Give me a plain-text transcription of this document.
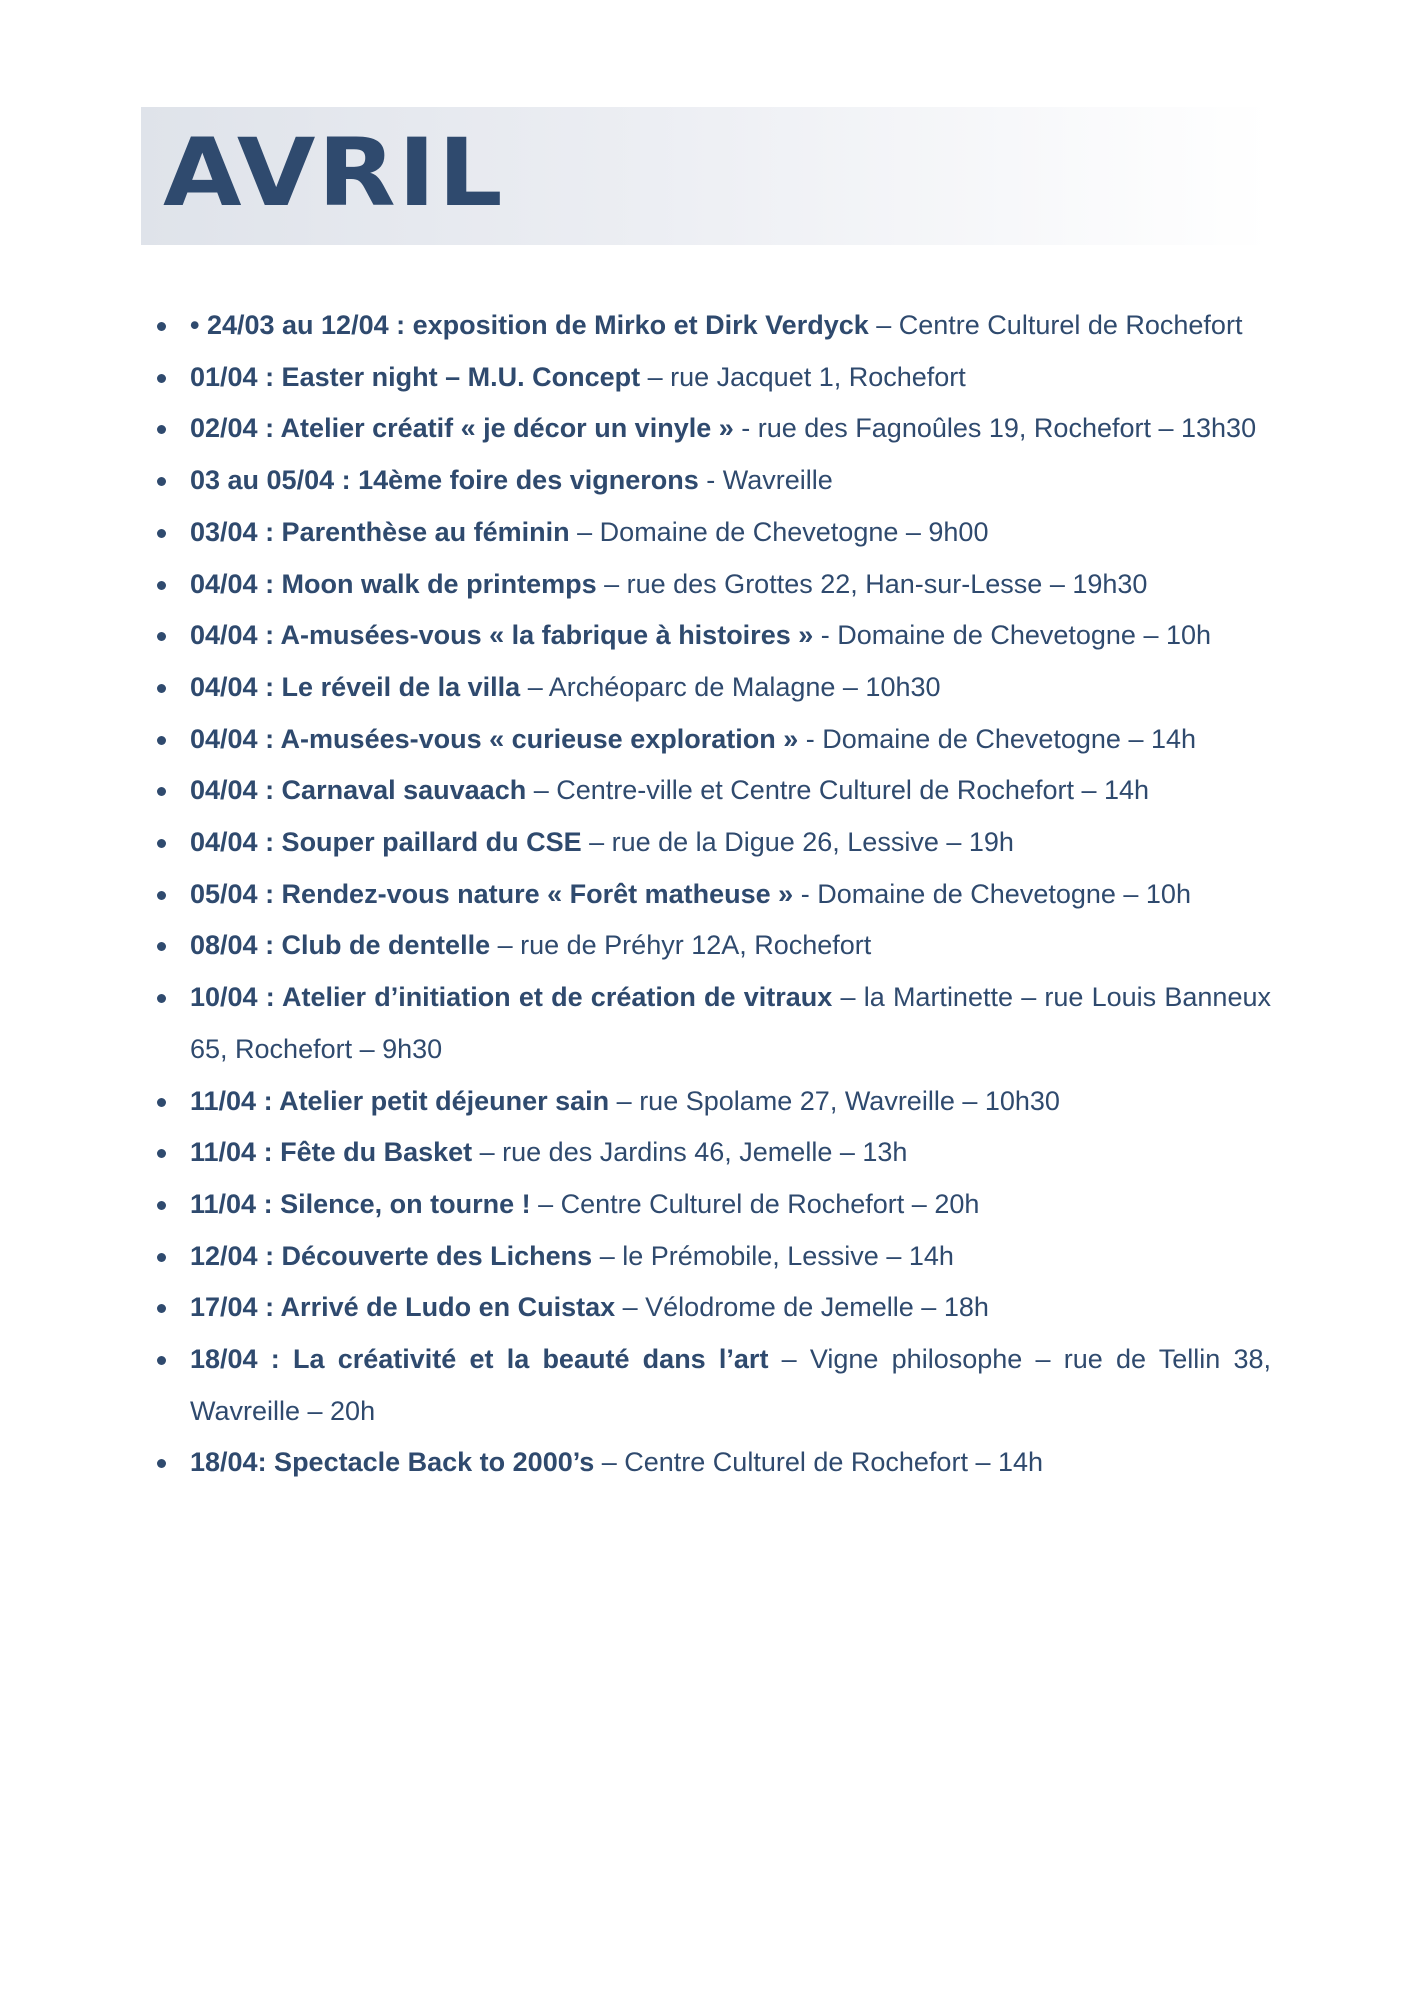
AVRIL
• 24/03 au 12/04 : exposition de Mirko et Dirk Verdyck – Centre Culturel de Rochefort
01/04 : Easter night – M.U. Concept – rue Jacquet 1, Rochefort
02/04 : Atelier créatif « je décor un vinyle » - rue des Fagnoûles 19, Rochefort – 13h30
03 au 05/04 : 14ème foire des vignerons - Wavreille
03/04 : Parenthèse au féminin – Domaine de Chevetogne – 9h00
04/04 : Moon walk de printemps – rue des Grottes 22, Han-sur-Lesse – 19h30
04/04 : A-musées-vous « la fabrique à histoires » - Domaine de Chevetogne – 10h
04/04 : Le réveil de la villa – Archéoparc de Malagne – 10h30
04/04 : A-musées-vous « curieuse exploration » - Domaine de Chevetogne – 14h
04/04 : Carnaval sauvaach – Centre-ville et Centre Culturel de Rochefort – 14h
04/04 : Souper paillard du CSE – rue de la Digue 26, Lessive – 19h
05/04 : Rendez-vous nature « Forêt matheuse » - Domaine de Chevetogne – 10h
08/04 : Club de dentelle – rue de Préhyr 12A, Rochefort
10/04 : Atelier d’initiation et de création de vitraux – la Martinette – rue Louis Banneux 65, Rochefort – 9h30
11/04 : Atelier petit déjeuner sain – rue Spolame 27, Wavreille – 10h30
11/04 : Fête du Basket – rue des Jardins 46, Jemelle – 13h
11/04 : Silence, on tourne ! – Centre Culturel de Rochefort – 20h
12/04 : Découverte des Lichens – le Prémobile, Lessive – 14h
17/04 : Arrivé de Ludo en Cuistax – Vélodrome de Jemelle – 18h
18/04 : La créativité et la beauté dans l’art – Vigne philosophe – rue de Tellin 38, Wavreille – 20h
18/04: Spectacle Back to 2000’s – Centre Culturel de Rochefort – 14h
